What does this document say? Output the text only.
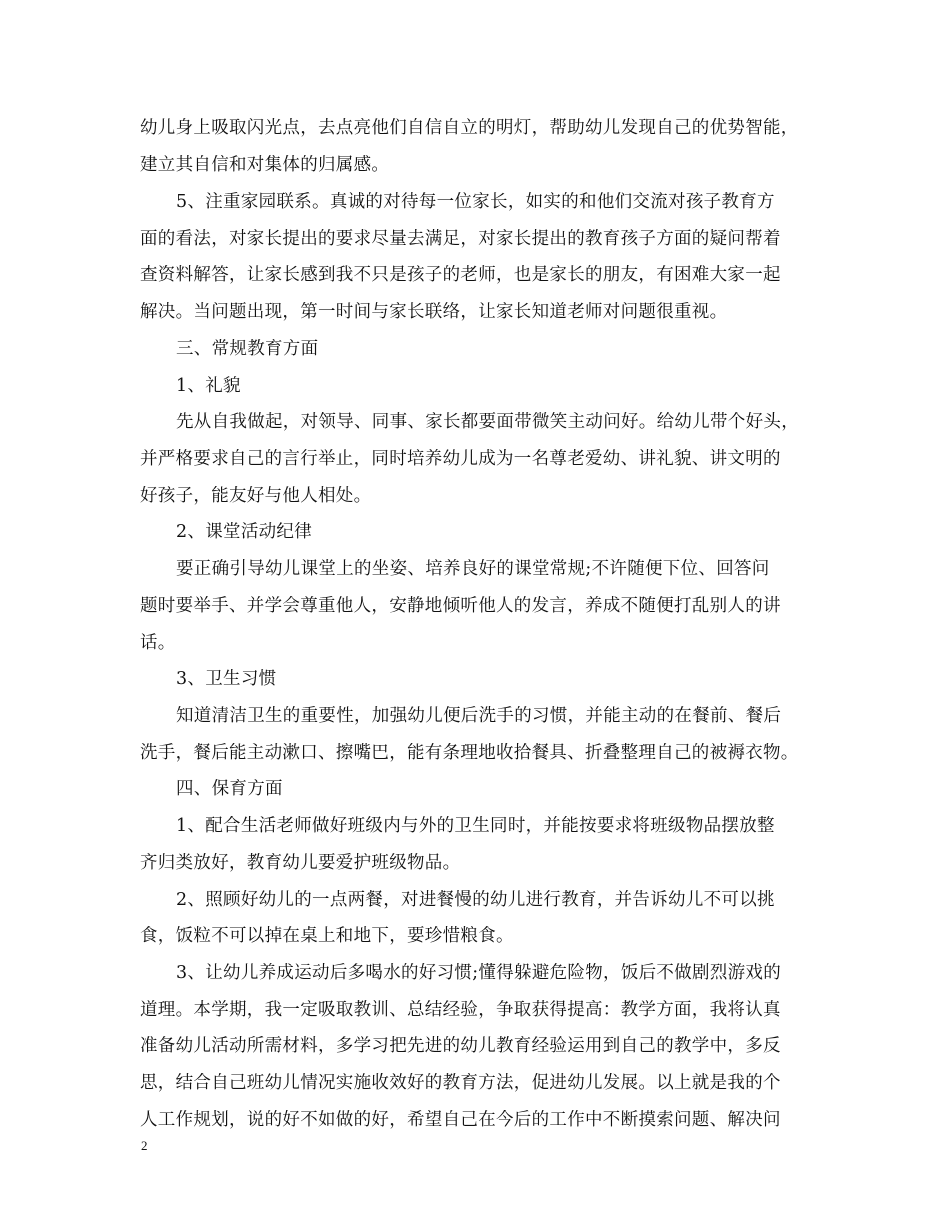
幼儿身上吸取闪光点，去点亮他们自信自立的明灯，帮助幼儿发现自己的优势智能，
建立其自信和对集体的归属感。
5、注重家园联系。真诚的对待每一位家长，如实的和他们交流对孩子教育方
面的看法，对家长提出的要求尽量去满足，对家长提出的教育孩子方面的疑问帮着
查资料解答，让家长感到我不只是孩子的老师，也是家长的朋友，有困难大家一起
解决。当问题出现，第一时间与家长联络，让家长知道老师对问题很重视。
三、常规教育方面
1、礼貌
先从自我做起，对领导、同事、家长都要面带微笑主动问好。给幼儿带个好头，
并严格要求自己的言行举止，同时培养幼儿成为一名尊老爱幼、讲礼貌、讲文明的
好孩子，能友好与他人相处。
2、课堂活动纪律
要正确引导幼儿课堂上的坐姿、培养良好的课堂常规;不许随便下位、回答问
题时要举手、并学会尊重他人，安静地倾听他人的发言，养成不随便打乱别人的讲
话。
3、卫生习惯
知道清洁卫生的重要性，加强幼儿便后洗手的习惯，并能主动的在餐前、餐后
洗手，餐后能主动漱口、擦嘴巴，能有条理地收拾餐具、折叠整理自己的被褥衣物。
四、保育方面
1、配合生活老师做好班级内与外的卫生同时，并能按要求将班级物品摆放整
齐归类放好，教育幼儿要爱护班级物品。
2、照顾好幼儿的一点两餐，对进餐慢的幼儿进行教育，并告诉幼儿不可以挑
食，饭粒不可以掉在桌上和地下，要珍惜粮食。
3、让幼儿养成运动后多喝水的好习惯;懂得躲避危险物，饭后不做剧烈游戏的
道理。本学期，我一定吸取教训、总结经验，争取获得提高：教学方面，我将认真
准备幼儿活动所需材料，多学习把先进的幼儿教育经验运用到自己的教学中，多反
思，结合自己班幼儿情况实施收效好的教育方法，促进幼儿发展。以上就是我的个
人工作规划，说的好不如做的好，希望自己在今后的工作中不断摸索问题、解决问
2
